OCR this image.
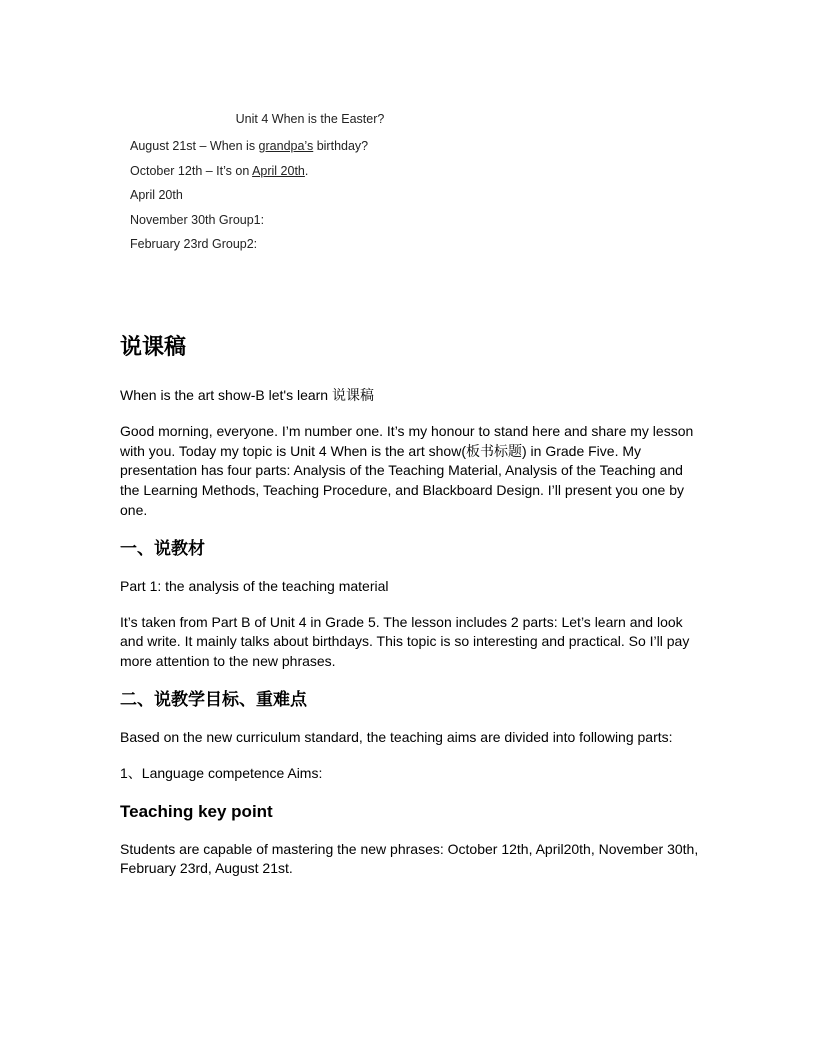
Unit 4 When is the Easter?
August 21st – When is grandpa’s birthday?
October 12th – It’s on April 20th.
April 20th
November 30th Group1:
February 23rd Group2:
说课稿

When is the art show-B let's learn 说课稿

Good morning, everyone. I’m number one. It’s my honour to stand here and share my lesson with you. Today my topic is Unit 4 When is the art show(板书标题) in Grade Five. My presentation has four parts: Analysis of the Teaching Material, Analysis of the Teaching and the Learning Methods, Teaching Procedure, and Blackboard Design. I’ll present you one by one.

一、说教材

Part 1: the analysis of the teaching material

It’s taken from Part B of Unit 4 in Grade 5. The lesson includes 2 parts: Let’s learn and look and write. It mainly talks about birthdays. This topic is so interesting and practical. So I’ll pay more attention to the new phrases.

二、说教学目标、重难点

Based on the new curriculum standard, the teaching aims are divided into following parts:

1、Language competence Aims:

Teaching key point

Students are capable of mastering the new phrases: October 12th, April20th, November 30th, February 23rd, August 21st.
